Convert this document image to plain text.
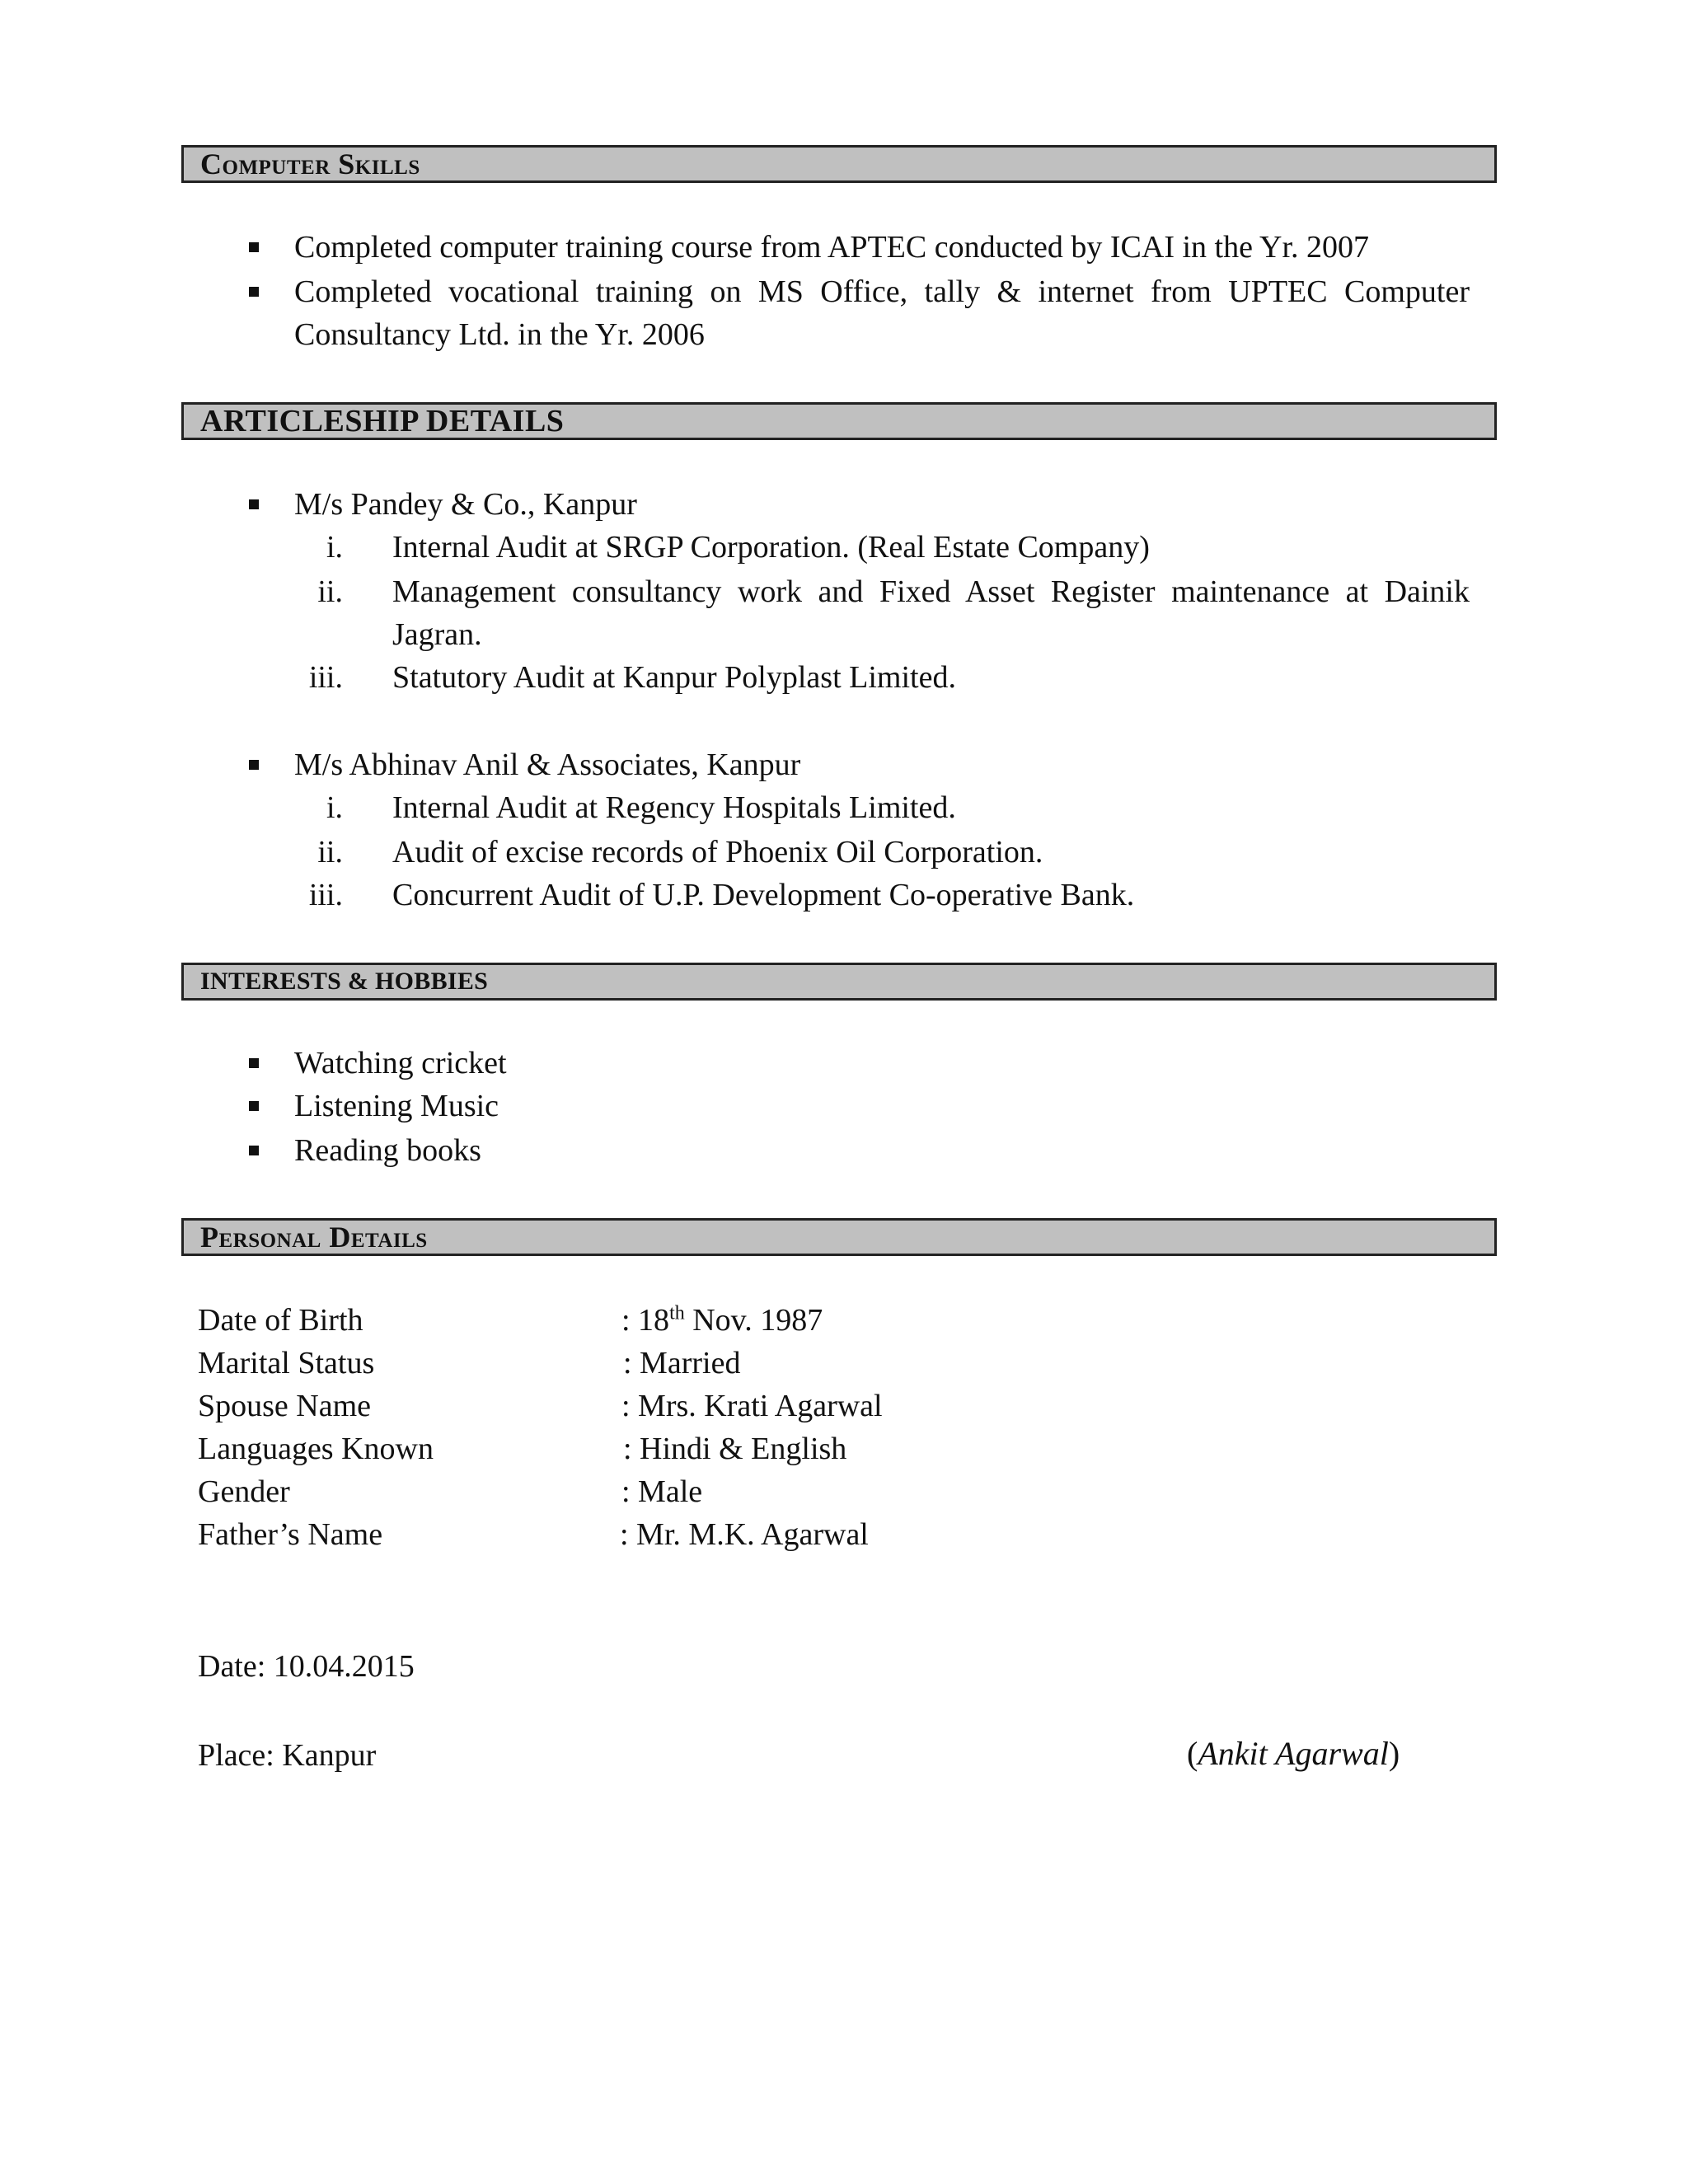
Computer Skills
Completed computer training course from APTEC conducted by ICAI in the Yr. 2007
Completed vocational training on MS Office, tally & internet from UPTEC Computer
Consultancy Ltd. in the Yr. 2006
ARTICLESHIP DETAILS
M/s Pandey & Co., Kanpur
i. Internal Audit at SRGP Corporation. (Real Estate Company)
ii. Management consultancy work and Fixed Asset Register maintenance at Dainik
Jagran.
iii. Statutory Audit at Kanpur Polyplast Limited.
M/s Abhinav Anil & Associates, Kanpur
i. Internal Audit at Regency Hospitals Limited.
ii. Audit of excise records of Phoenix Oil Corporation.
iii. Concurrent Audit of U.P. Development Co-operative Bank.
INTERESTS & HOBBIES
Watching cricket
Listening Music
Reading books
Personal Details
Date of Birth	: 18th Nov. 1987
Marital Status	: Married
Spouse Name	: Mrs. Krati Agarwal
Languages Known	: Hindi & English
Gender	: Male
Father’s Name	: Mr. M.K. Agarwal
Date: 10.04.2015
Place: Kanpur	(Ankit Agarwal)
